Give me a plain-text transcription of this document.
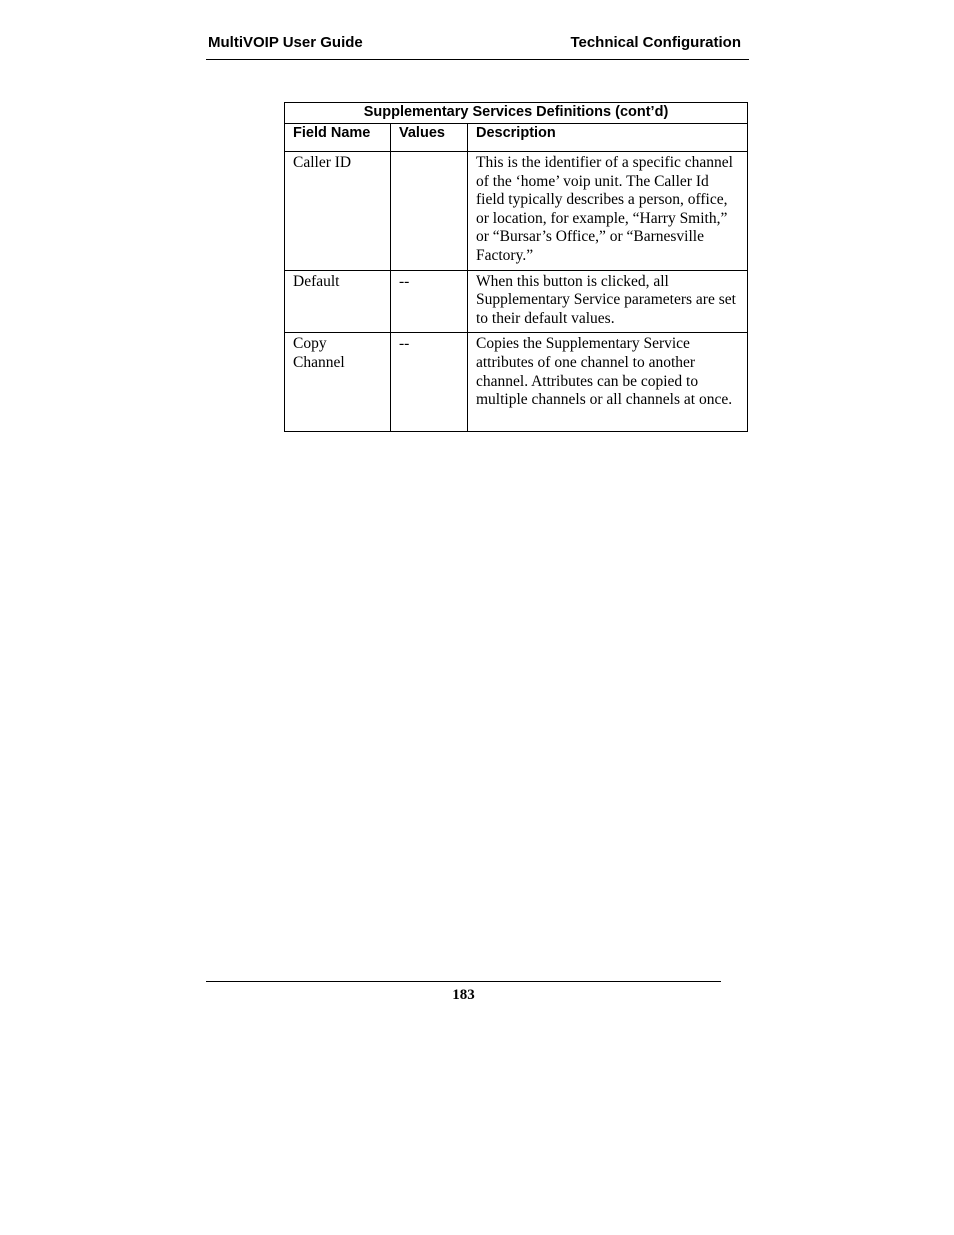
MultiVOIP User Guide	Technical Configuration
Supplementary Services Definitions (cont’d)		
Field Name	Values	Description
Caller ID		This is the identifier of a specific channel of the ‘home’ voip unit. The Caller Id field typically describes a person, office, or location, for example, “Harry Smith,” or “Bursar’s Office,” or “Barnesville Factory.”
Default	--	When this button is clicked, all Supplementary Service parameters are set to their default values.
Copy Channel	--	Copies the Supplementary Service attributes of one channel to another channel. Attributes can be copied to multiple channels or all channels at once.
183
